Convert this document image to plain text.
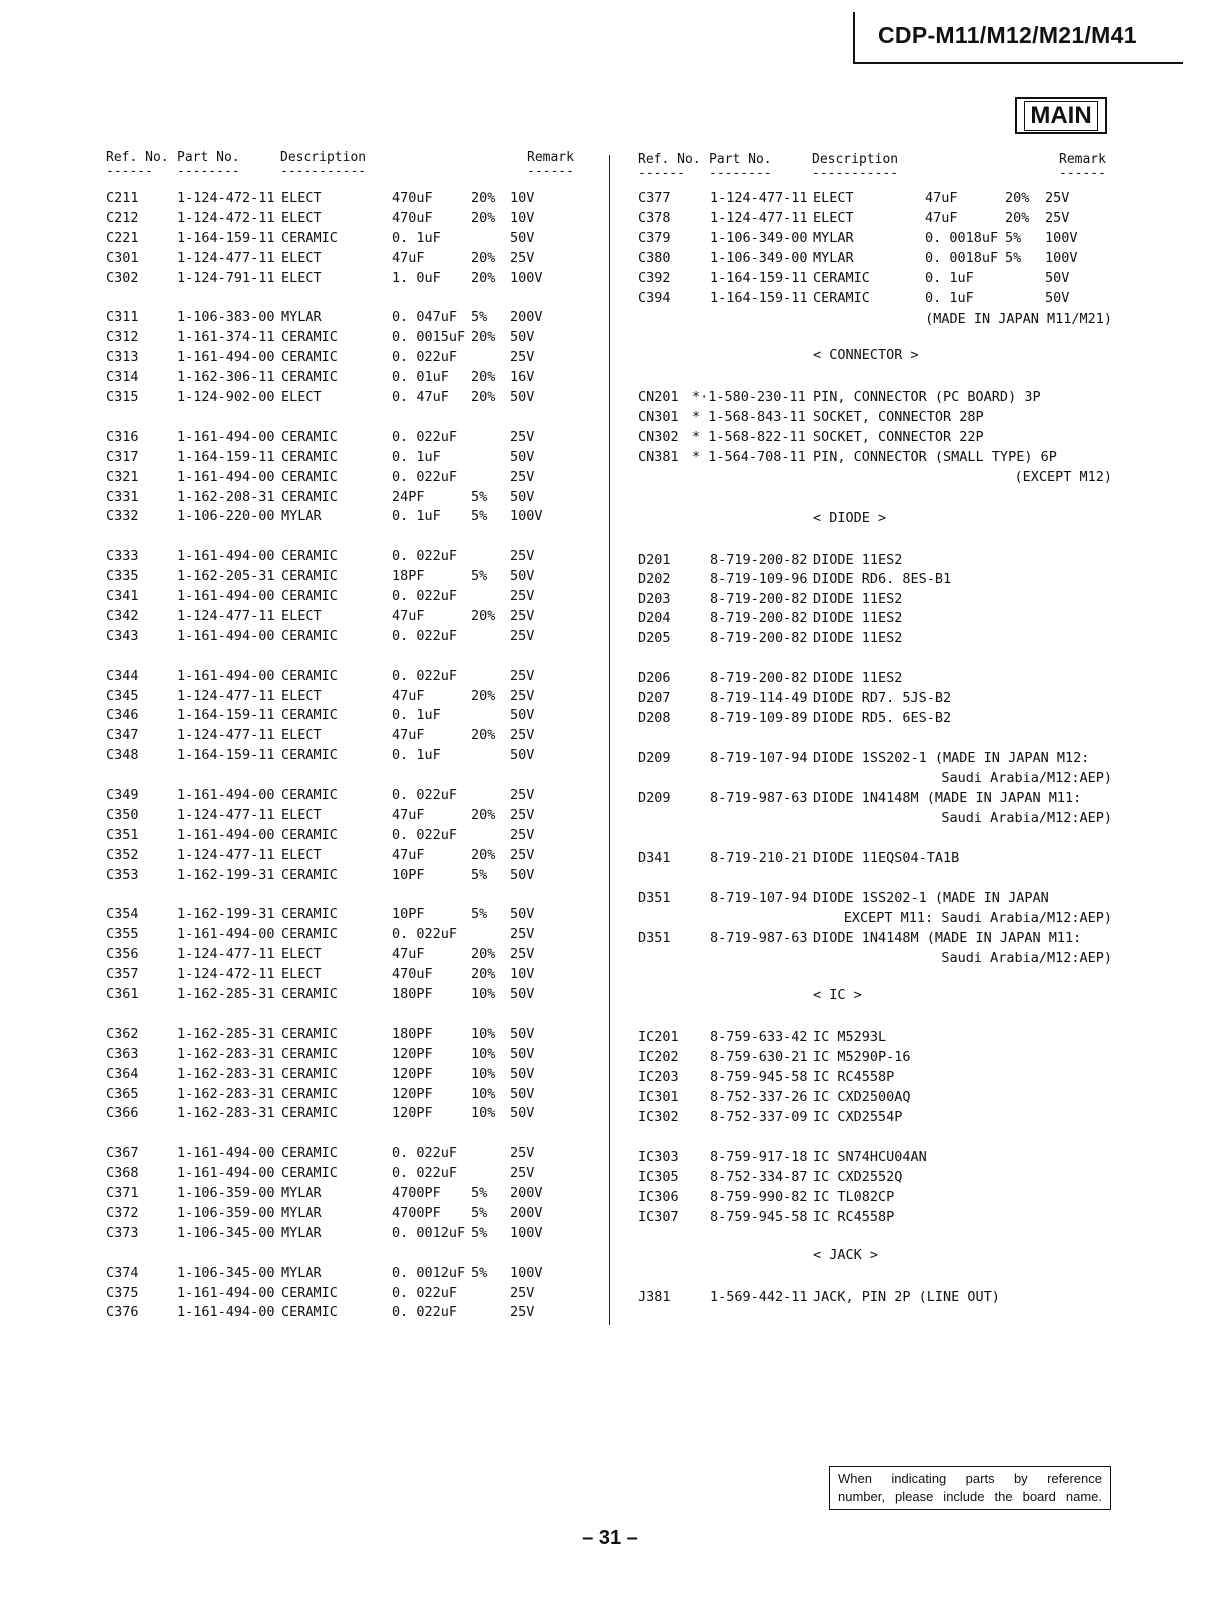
CDP-M11/M12/M21/M41
MAIN
Ref. No. Part No.	Description	Remark
------ --------	-----------	------
Ref. No. Part No.	Description	Remark
------ --------	-----------	------
C211	1-124-472-11 ELECT	470uF	20% 10V
C212	1-124-472-11 ELECT	470uF	20% 10V
C221	1-164-159-11 CERAMIC	0. 1uF	50V
C301	1-124-477-11 ELECT	47uF	20% 25V
C302	1-124-791-11 ELECT	1. 0uF 20% 100V
C311	1-106-383-00 MYLAR	0. 047uF 5% 200V
C312	1-161-374-11 CERAMIC	0. 0015uF 20% 50V
C313	1-161-494-00 CERAMIC	0. 022uF	25V
C314	1-162-306-11 CERAMIC	0. 01uF 20% 16V
C315	1-124-902-00 ELECT	0. 47uF 20% 50V
C316	1-161-494-00 CERAMIC	0. 022uF	25V
C317	1-164-159-11 CERAMIC	0. 1uF	50V
C321	1-161-494-00 CERAMIC	0. 022uF	25V
C331	1-162-208-31 CERAMIC	24PF	5% 50V
C332	1-106-220-00 MYLAR	0. 1uF 5% 100V
C333	1-161-494-00 CERAMIC	0. 022uF	25V
C335	1-162-205-31 CERAMIC	18PF	5% 50V
C341	1-161-494-00 CERAMIC	0. 022uF	25V
C342	1-124-477-11 ELECT	47uF	20% 25V
C343	1-161-494-00 CERAMIC	0. 022uF	25V
C344	1-161-494-00 CERAMIC	0. 022uF	25V
C345	1-124-477-11 ELECT	47uF	20% 25V
C346	1-164-159-11 CERAMIC	0. 1uF	50V
C347	1-124-477-11 ELECT	47uF	20% 25V
C348	1-164-159-11 CERAMIC	0. 1uF	50V
C349	1-161-494-00 CERAMIC	0. 022uF	25V
C350	1-124-477-11 ELECT	47uF	20% 25V
C351	1-161-494-00 CERAMIC	0. 022uF	25V
C352	1-124-477-11 ELECT	47uF	20% 25V
C353	1-162-199-31 CERAMIC	10PF	5% 50V
C354	1-162-199-31 CERAMIC	10PF	5% 50V
C355	1-161-494-00 CERAMIC	0. 022uF	25V
C356	1-124-477-11 ELECT	47uF	20% 25V
C357	1-124-472-11 ELECT	470uF	20% 10V
C361	1-162-285-31 CERAMIC	180PF	10% 50V
C362	1-162-285-31 CERAMIC	180PF	10% 50V
C363	1-162-283-31 CERAMIC	120PF	10% 50V
C364	1-162-283-31 CERAMIC	120PF	10% 50V
C365	1-162-283-31 CERAMIC	120PF	10% 50V
C366	1-162-283-31 CERAMIC	120PF	10% 50V
C367	1-161-494-00 CERAMIC	0. 022uF	25V
C368	1-161-494-00 CERAMIC	0. 022uF	25V
C371	1-106-359-00 MYLAR	4700PF 5% 200V
C372	1-106-359-00 MYLAR	4700PF 5% 200V
C373	1-106-345-00 MYLAR	0. 0012uF 5% 100V
C374	1-106-345-00 MYLAR	0. 0012uF 5% 100V
C375	1-161-494-00 CERAMIC	0. 022uF	25V
C376	1-161-494-00 CERAMIC	0. 022uF	25V
C377	1-124-477-11 ELECT	47uF	20% 25V
C378	1-124-477-11 ELECT	47uF	20% 25V
C379	1-106-349-00 MYLAR	0. 0018uF 5% 100V
C380	1-106-349-00 MYLAR	0. 0018uF 5% 100V
C392	1-164-159-11 CERAMIC	0. 1uF	50V
C394	1-164-159-11 CERAMIC	0. 1uF	50V
(MADE IN JAPAN M11/M21)
< CONNECTOR >
CN201 *·1-580-230-11 PIN, CONNECTOR (PC BOARD) 3P
CN301 * 1-568-843-11 SOCKET, CONNECTOR 28P
CN302 * 1-568-822-11 SOCKET, CONNECTOR 22P
CN381 * 1-564-708-11 PIN, CONNECTOR (SMALL TYPE) 6P
(EXCEPT M12)
< DIODE >
D201	8-719-200-82 DIODE 11ES2
D202	8-719-109-96 DIODE RD6. 8ES-B1
D203	8-719-200-82 DIODE 11ES2
D204	8-719-200-82 DIODE 11ES2
D205	8-719-200-82 DIODE 11ES2
D206	8-719-200-82 DIODE 11ES2
D207	8-719-114-49 DIODE RD7. 5JS-B2
D208	8-719-109-89 DIODE RD5. 6ES-B2
D209	8-719-107-94 DIODE 1SS202-1 (MADE IN JAPAN M12:
Saudi Arabia/M12:AEP)
D209	8-719-987-63 DIODE 1N4148M (MADE IN JAPAN M11:
Saudi Arabia/M12:AEP)
D341	8-719-210-21 DIODE 11EQS04-TA1B
D351	8-719-107-94 DIODE 1SS202-1 (MADE IN JAPAN
EXCEPT M11: Saudi Arabia/M12:AEP)
D351	8-719-987-63 DIODE 1N4148M (MADE IN JAPAN M11:
Saudi Arabia/M12:AEP)
< IC >
IC201 8-759-633-42 IC M5293L
IC202 8-759-630-21 IC M5290P-16
IC203 8-759-945-58 IC RC4558P
IC301 8-752-337-26 IC CXD2500AQ
IC302 8-752-337-09 IC CXD2554P
IC303 8-759-917-18 IC SN74HCU04AN
IC305 8-752-334-87 IC CXD2552Q
IC306 8-759-990-82 IC TL082CP
IC307 8-759-945-58 IC RC4558P
< JACK >
J381	1-569-442-11 JACK, PIN 2P (LINE OUT)
When indicating parts by reference
number, please include the board name.
– 31 –
